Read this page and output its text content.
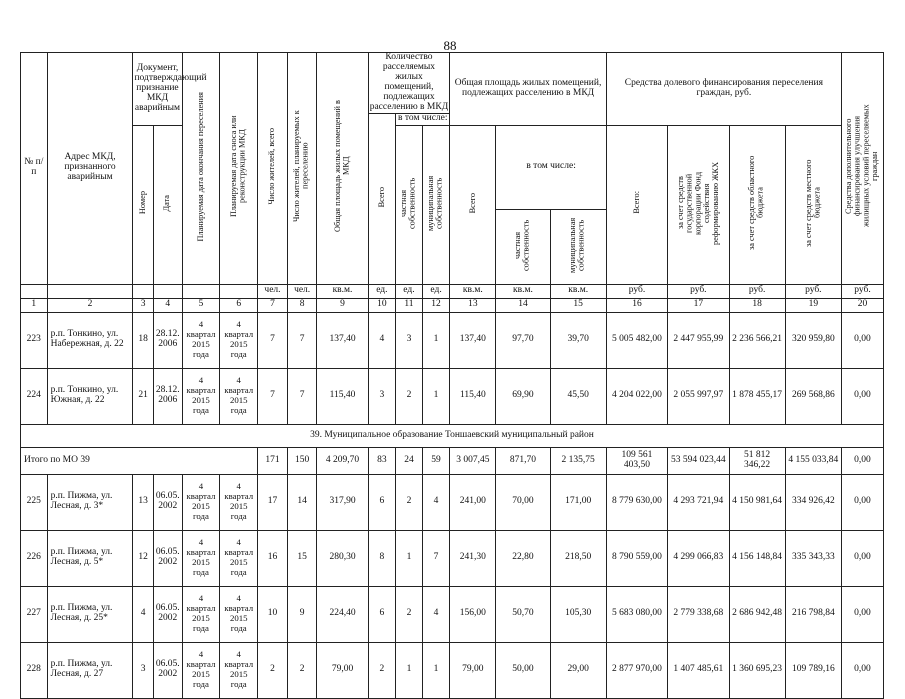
88
№ п/п	Адрес МКД, признанного аварийным	Документ, подтверждающий признание МКД аварийным		Планируемая дата окончания переселения	Планируемая дата сноса или реконструкции МКД	Число жителей, всего	Число жителей, планируемых к переселению	Общая площадь жилых помещений в МКД	Количество расселяемых жилых помещений, подлежащих расселению в МКД			Общая площадь жилых помещений, подлежащих расселению в МКД			Средства долевого финансирования переселения граждан, руб.				Средства дополнительного финансирования улучшения жилищных условий переселяемых граждан
									Всего	в том числе:									
		Номер	Дата							частная собственность	муниципальная собственность	Всего	в том числе:		Всего:	за счет средств государственной корпорации Фонд содействия реформированию ЖКХ	за счет средств областного бюджета	за счет средств местного бюджета	
													частная собственность	муниципальная собственность					
						чел.	чел.	кв.м.	ед.	ед.	ед.	кв.м.	кв.м.	кв.м.	руб.	руб.	руб.	руб.	руб.
1	2	3	4	5	6	7	8	9	10	11	12	13	14	15	16	17	18	19	20
223	р.п. Тонкино, ул. Набережная, д. 22	18	28.12. 2006	4 квартал 2015 года	4 квартал 2015 года	7	7	137,40	4	3	1	137,40	97,70	39,70	5 005 482,00	2 447 955,99	2 236 566,21	320 959,80	0,00
224	р.п. Тонкино, ул. Южная, д. 22	21	28.12. 2006	4 квартал 2015 года	4 квартал 2015 года	7	7	115,40	3	2	1	115,40	69,90	45,50	4 204 022,00	2 055 997,97	1 878 455,17	269 568,86	0,00
39. Муниципальное образование Тоншаевский муниципальный район																			
Итого по МО 39						171	150	4 209,70	83	24	59	3 007,45	871,70	2 135,75	109 561 403,50	53 594 023,44	51 812 346,22	4 155 033,84	0,00
225	р.п. Пижма, ул. Лесная, д. 3*	13	06.05. 2002	4 квартал 2015 года	4 квартал 2015 года	17	14	317,90	6	2	4	241,00	70,00	171,00	8 779 630,00	4 293 721,94	4 150 981,64	334 926,42	0,00
226	р.п. Пижма, ул. Лесная, д. 5*	12	06.05. 2002	4 квартал 2015 года	4 квартал 2015 года	16	15	280,30	8	1	7	241,30	22,80	218,50	8 790 559,00	4 299 066,83	4 156 148,84	335 343,33	0,00
227	р.п. Пижма, ул. Лесная, д. 25*	4	06.05. 2002	4 квартал 2015 года	4 квартал 2015 года	10	9	224,40	6	2	4	156,00	50,70	105,30	5 683 080,00	2 779 338,68	2 686 942,48	216 798,84	0,00
228	р.п. Пижма, ул. Лесная, д. 27	3	06.05. 2002	4 квартал 2015 года	4 квартал 2015 года	2	2	79,00	2	1	1	79,00	50,00	29,00	2 877 970,00	1 407 485,61	1 360 695,23	109 789,16	0,00
